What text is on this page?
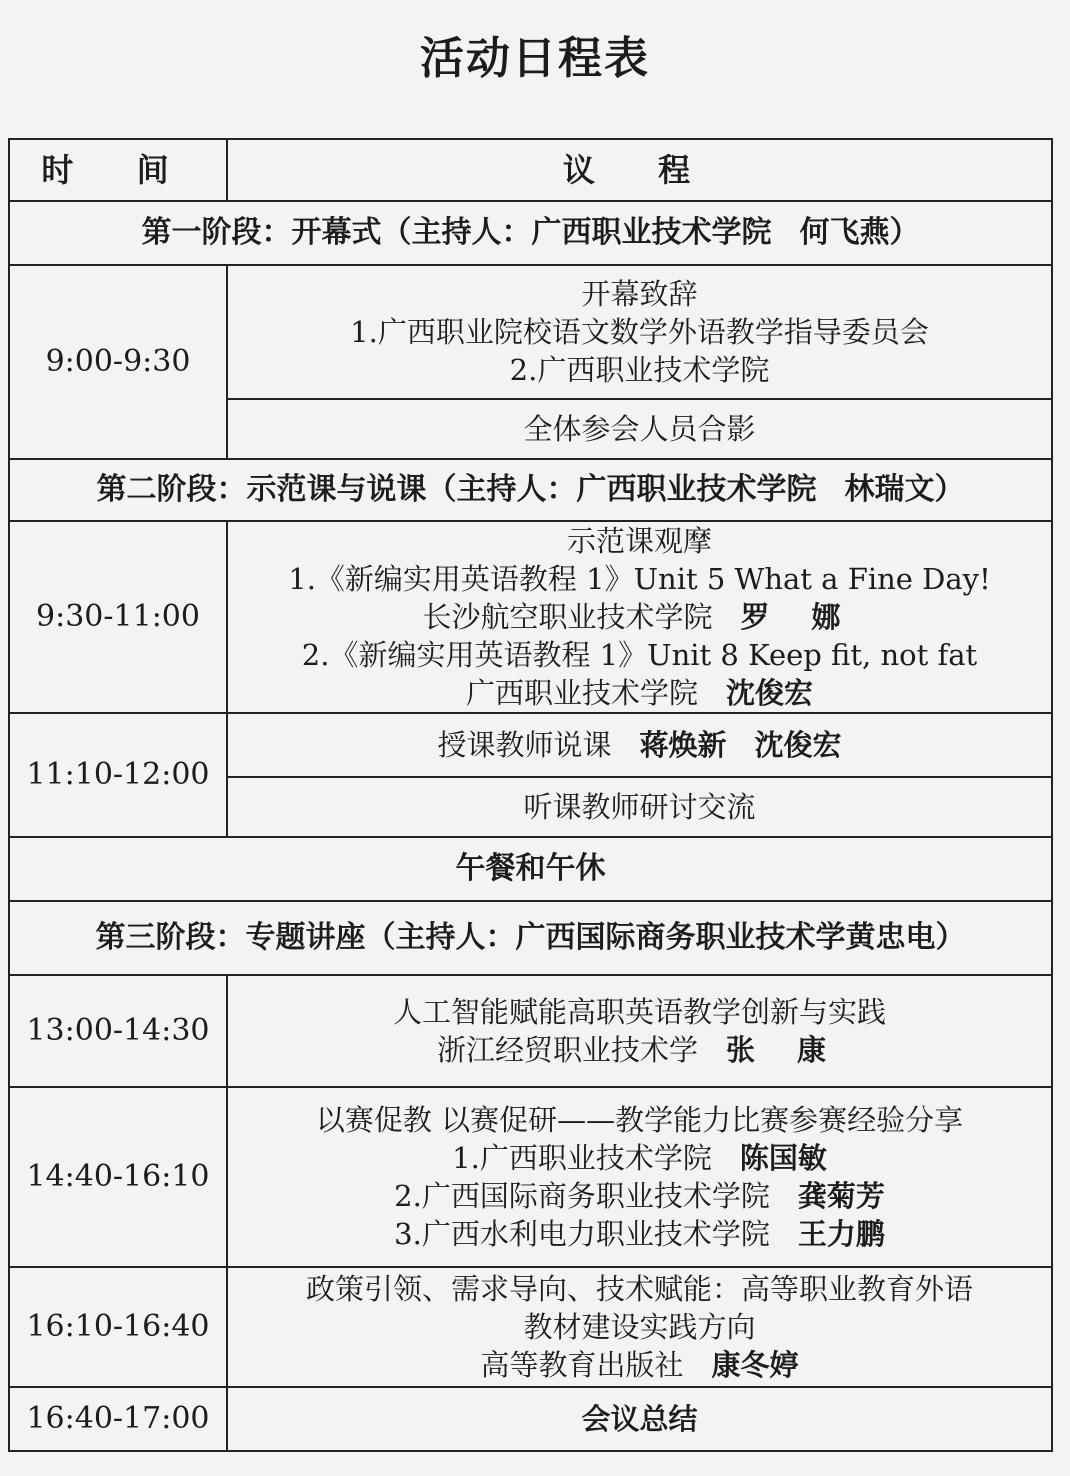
活动日程表
时 间	议 程
第一阶段：开幕式（主持人：广西职业技术学院 何飞燕）	
9:00-9:30	开幕致辞
1.广西职业院校语文数学外语教学指导委员会
2.广西职业技术学院

	全体参会人员合影
第二阶段：示范课与说课（主持人：广西职业技术学院 林瑞文）	
9:30-11:00	示范课观摩
1.《新编实用英语教程 1》Unit 5 What a Fine Day!
长沙航空职业技术学院 罗 娜
2.《新编实用英语教程 1》Unit 8 Keep fit, not fat
广西职业技术学院 沈俊宏

11:10-12:00	授课教师说课 蒋焕新 沈俊宏
	听课教师研讨交流
午餐和午休	
第三阶段：专题讲座（主持人：广西国际商务职业技术学黄忠电）	
13:00-14:30	人工智能赋能高职英语教学创新与实践
浙江经贸职业技术学 张 康

14:40-16:10	以赛促教 以赛促研——教学能力比赛参赛经验分享
1.广西职业技术学院 陈国敏
2.广西国际商务职业技术学院 龚菊芳
3.广西水利电力职业技术学院 王力鹏

16:10-16:40	政策引领、需求导向、技术赋能：高等职业教育外语
教材建设实践方向
高等教育出版社 康冬婷

16:40-17:00	会议总结
